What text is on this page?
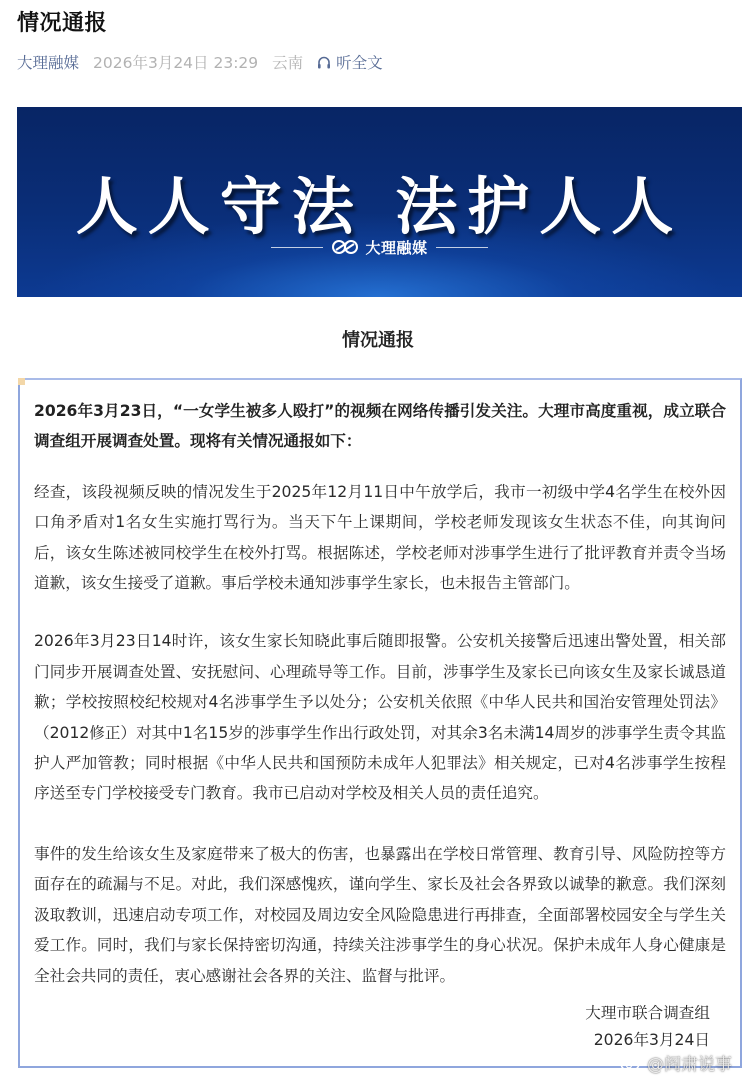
情况通报
大理融媒 2026年3月24日 23:29 云南 听全文
人人守法 法护人人
大理融媒
情况通报

2026年3月23日，“一女学生被多人殴打”的视频在网络传播引发关注。大理市高度重视，成立联合调查组开展调查处置。现将有关情况通报如下：

经查，该段视频反映的情况发生于2025年12月11日中午放学后，我市一初级中学4名学生在校外因口角矛盾对1名女生实施打骂行为。当天下午上课期间，学校老师发现该女生状态不佳，向其询问后，该女生陈述被同校学生在校外打骂。根据陈述，学校老师对涉事学生进行了批评教育并责令当场道歉，该女生接受了道歉。事后学校未通知涉事学生家长，也未报告主管部门。

2026年3月23日14时许，该女生家长知晓此事后随即报警。公安机关接警后迅速出警处置，相关部门同步开展调查处置、安抚慰问、心理疏导等工作。目前，涉事学生及家长已向该女生及家长诚恳道歉；学校按照校纪校规对4名涉事学生予以处分；公安机关依照《中华人民共和国治安管理处罚法》（2012修正）对其中1名15岁的涉事学生作出行政处罚，对其余3名未满14周岁的涉事学生责令其监护人严加管教；同时根据《中华人民共和国预防未成年人犯罪法》相关规定，已对4名涉事学生按程序送至专门学校接受专门教育。我市已启动对学校及相关人员的责任追究。

事件的发生给该女生及家庭带来了极大的伤害，也暴露出在学校日常管理、教育引导、风险防控等方面存在的疏漏与不足。对此，我们深感愧疚，谨向学生、家长及社会各界致以诚挚的歉意。我们深刻汲取教训，迅速启动专项工作，对校园及周边安全风险隐患进行再排查，全面部署校园安全与学生关爱工作。同时，我们与家长保持密切沟通，持续关注涉事学生的身心状况。保护未成年人身心健康是全社会共同的责任，衷心感谢社会各界的关注、监督与批评。

大理市联合调查组
2026年3月24日
@阎肃说事
